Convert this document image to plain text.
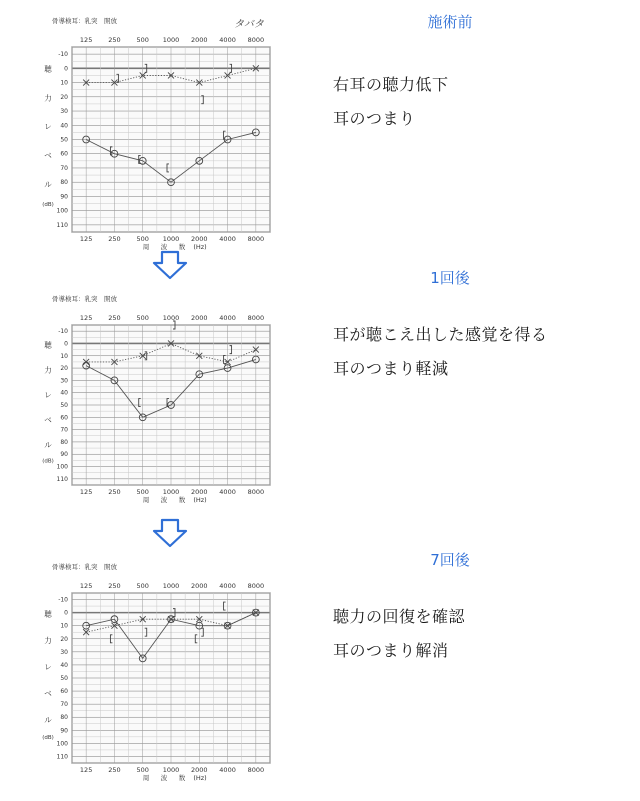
骨導検耳：乳突　開放	タバタ
125
125
250
250
500
500
1000
1000
2000
2000
4000
4000
8000
8000
周 波 数 (Hz)
-10
0
10
20
30
40
50
60
70
80
90
100
110
聴
力
レ
ベ
ル
(dB)
施術前
右耳の聴力低下
耳のつまり
骨導検耳：乳突　開放
125
125
250
250
500
500
1000
1000
2000
2000
4000
4000
8000
8000
周 波 数 (Hz)
-10
0
10
20
30
40
50
60
70
80
90
100
110
聴
力
レ
ベ
ル
(dB)
1回後
耳が聴こえ出した感覚を得る
耳のつまり軽減
骨導検耳：乳突　開放
125
125
250
250
500
500
1000
1000
2000
2000
4000
4000
8000
8000
周 波 数 (Hz)
-10
0
10
20
30
40
50
60
70
80
90
100
110
聴
力
レ
ベ
ル
(dB)
7回後
聴力の回復を確認
耳のつまり解消
